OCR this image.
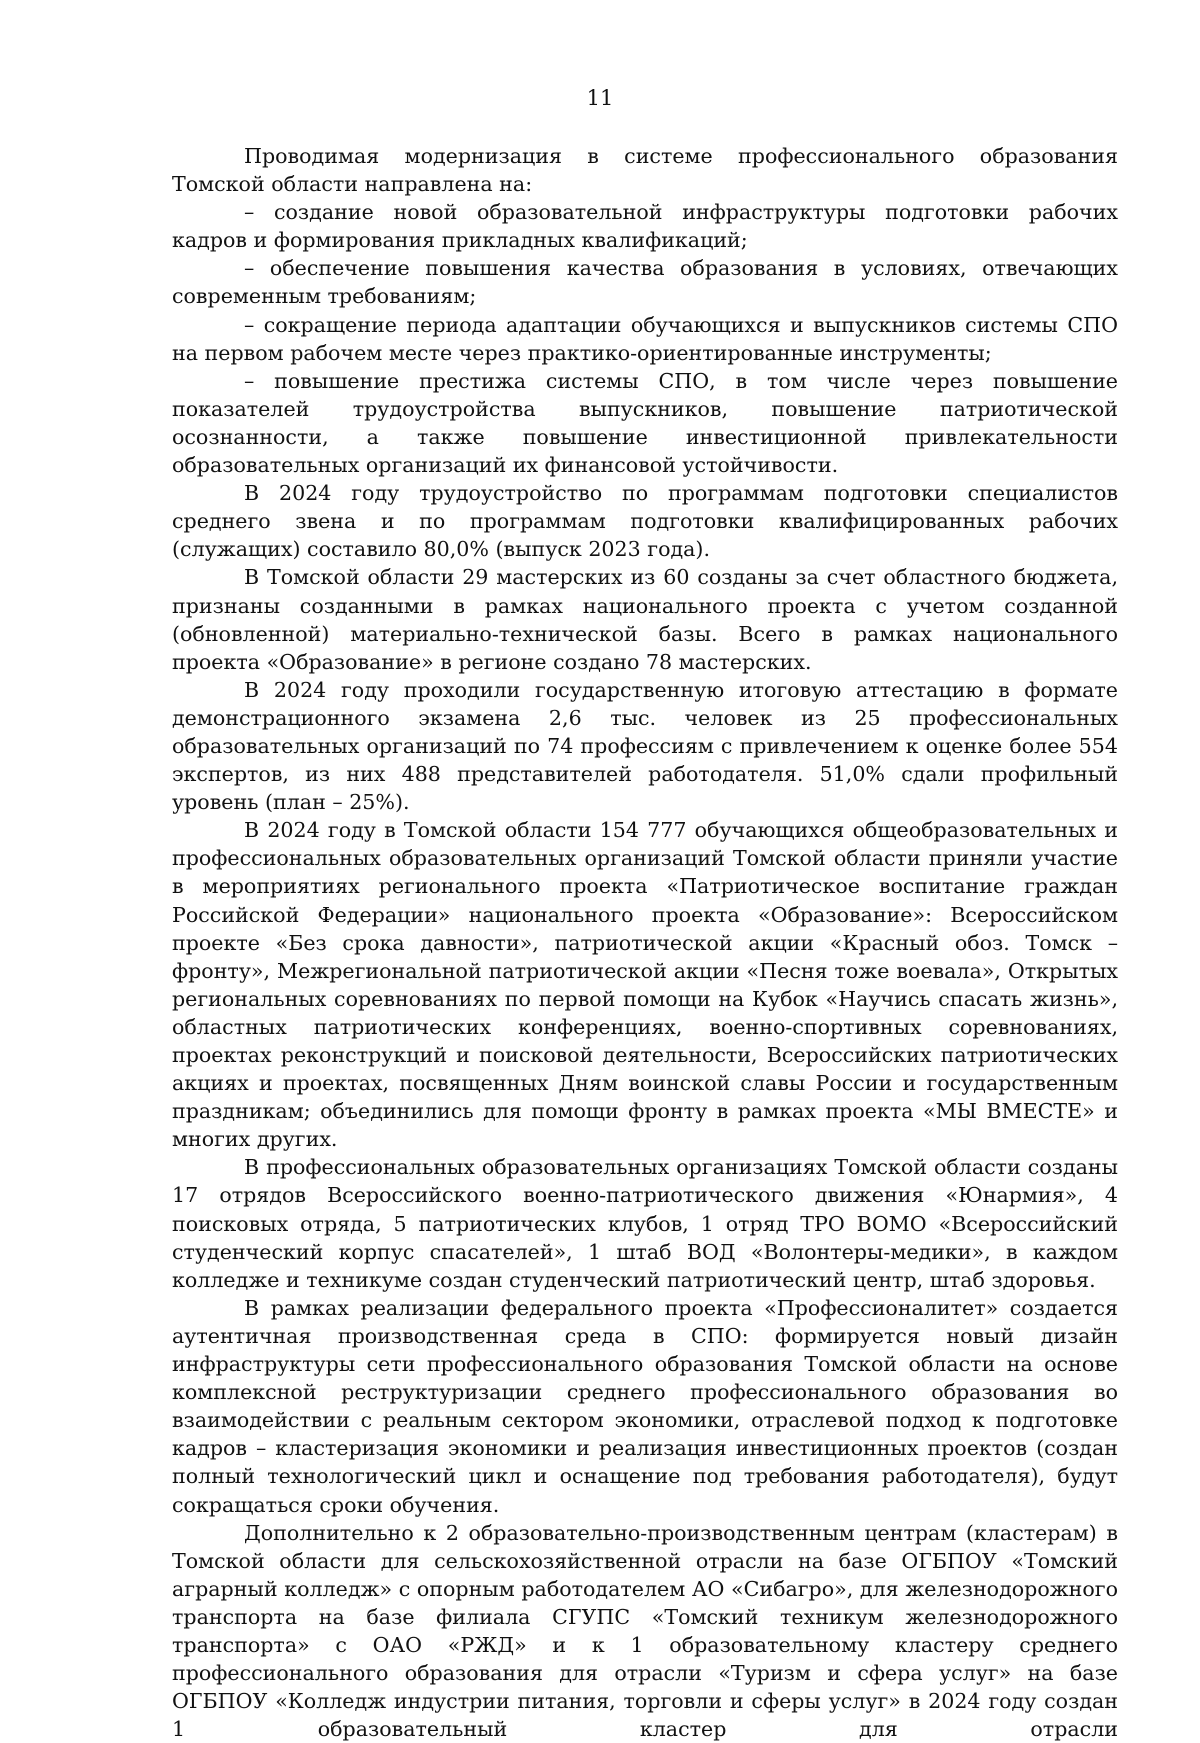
11

Проводимая модернизация в системе профессионального образования Томской области направлена на:

– создание новой образовательной инфраструктуры подготовки рабочих кадров и формирования прикладных квалификаций;

– обеспечение повышения качества образования в условиях, отвечающих современным требованиям;

– сокращение периода адаптации обучающихся и выпускников системы СПО на первом рабочем месте через практико-ориентированные инструменты;

– повышение престижа системы СПО, в том числе через повышение показателей трудоустройства выпускников, повышение патриотической осознанности, а также повышение инвестиционной привлекательности образовательных организаций их финансовой устойчивости.

В 2024 году трудоустройство по программам подготовки специалистов среднего звена и по программам подготовки квалифицированных рабочих (служащих) составило 80,0% (выпуск 2023 года).

В Томской области 29 мастерских из 60 созданы за счет областного бюджета, признаны созданными в рамках национального проекта с учетом созданной (обновленной) материально-технической базы. Всего в рамках национального проекта «Образование» в регионе создано 78 мастерских.

В 2024 году проходили государственную итоговую аттестацию в формате демонстрационного экзамена 2,6 тыс. человек из 25 профессиональных образовательных организаций по 74 профессиям с привлечением к оценке более 554 экспертов, из них 488 представителей работодателя. 51,0% сдали профильный уровень (план – 25%).

В 2024 году в Томской области 154 777 обучающихся общеобразовательных и профессиональных образовательных организаций Томской области приняли участие в мероприятиях регионального проекта «Патриотическое воспитание граждан Российской Федерации» национального проекта «Образование»: Всероссийском проекте «Без срока давности», патриотической акции «Красный обоз. Томск – фронту», Межрегиональной патриотической акции «Песня тоже воевала», Открытых региональных соревнованиях по первой помощи на Кубок «Научись спасать жизнь», областных патриотических конференциях, военно-спортивных соревнованиях, проектах реконструкций и поисковой деятельности, Всероссийских патриотических акциях и проектах, посвященных Дням воинской славы России и государственным праздникам; объединились для помощи фронту в рамках проекта «МЫ ВМЕСТЕ» и многих других.

В профессиональных образовательных организациях Томской области созданы 17 отрядов Всероссийского военно-патриотического движения «Юнармия», 4 поисковых отряда, 5 патриотических клубов, 1 отряд ТРО ВОМО «Всероссийский студенческий корпус спасателей», 1 штаб ВОД «Волонтеры-медики», в каждом колледже и техникуме создан студенческий патриотический центр, штаб здоровья.

В рамках реализации федерального проекта «Профессионалитет» создается аутентичная производственная среда в СПО: формируется новый дизайн инфраструктуры сети профессионального образования Томской области на основе комплексной реструктуризации среднего профессионального образования во взаимодействии с реальным сектором экономики, отраслевой подход к подготовке кадров – кластеризация экономики и реализация инвестиционных проектов (создан полный технологический цикл и оснащение под требования работодателя), будут сокращаться сроки обучения.

Дополнительно к 2 образовательно-производственным центрам (кластерам) в Томской области для сельскохозяйственной отрасли на базе ОГБПОУ «Томский аграрный колледж» с опорным работодателем АО «Сибагро», для железнодорожного транспорта на базе филиала СГУПС «Томский техникум железнодорожного транспорта» с ОАО «РЖД» и к 1 образовательному кластеру среднего профессионального образования для отрасли «Туризм и сфера услуг» на базе ОГБПОУ «Колледж индустрии питания, торговли и сферы услуг» в 2024 году создан 1 образовательный кластер для отрасли
